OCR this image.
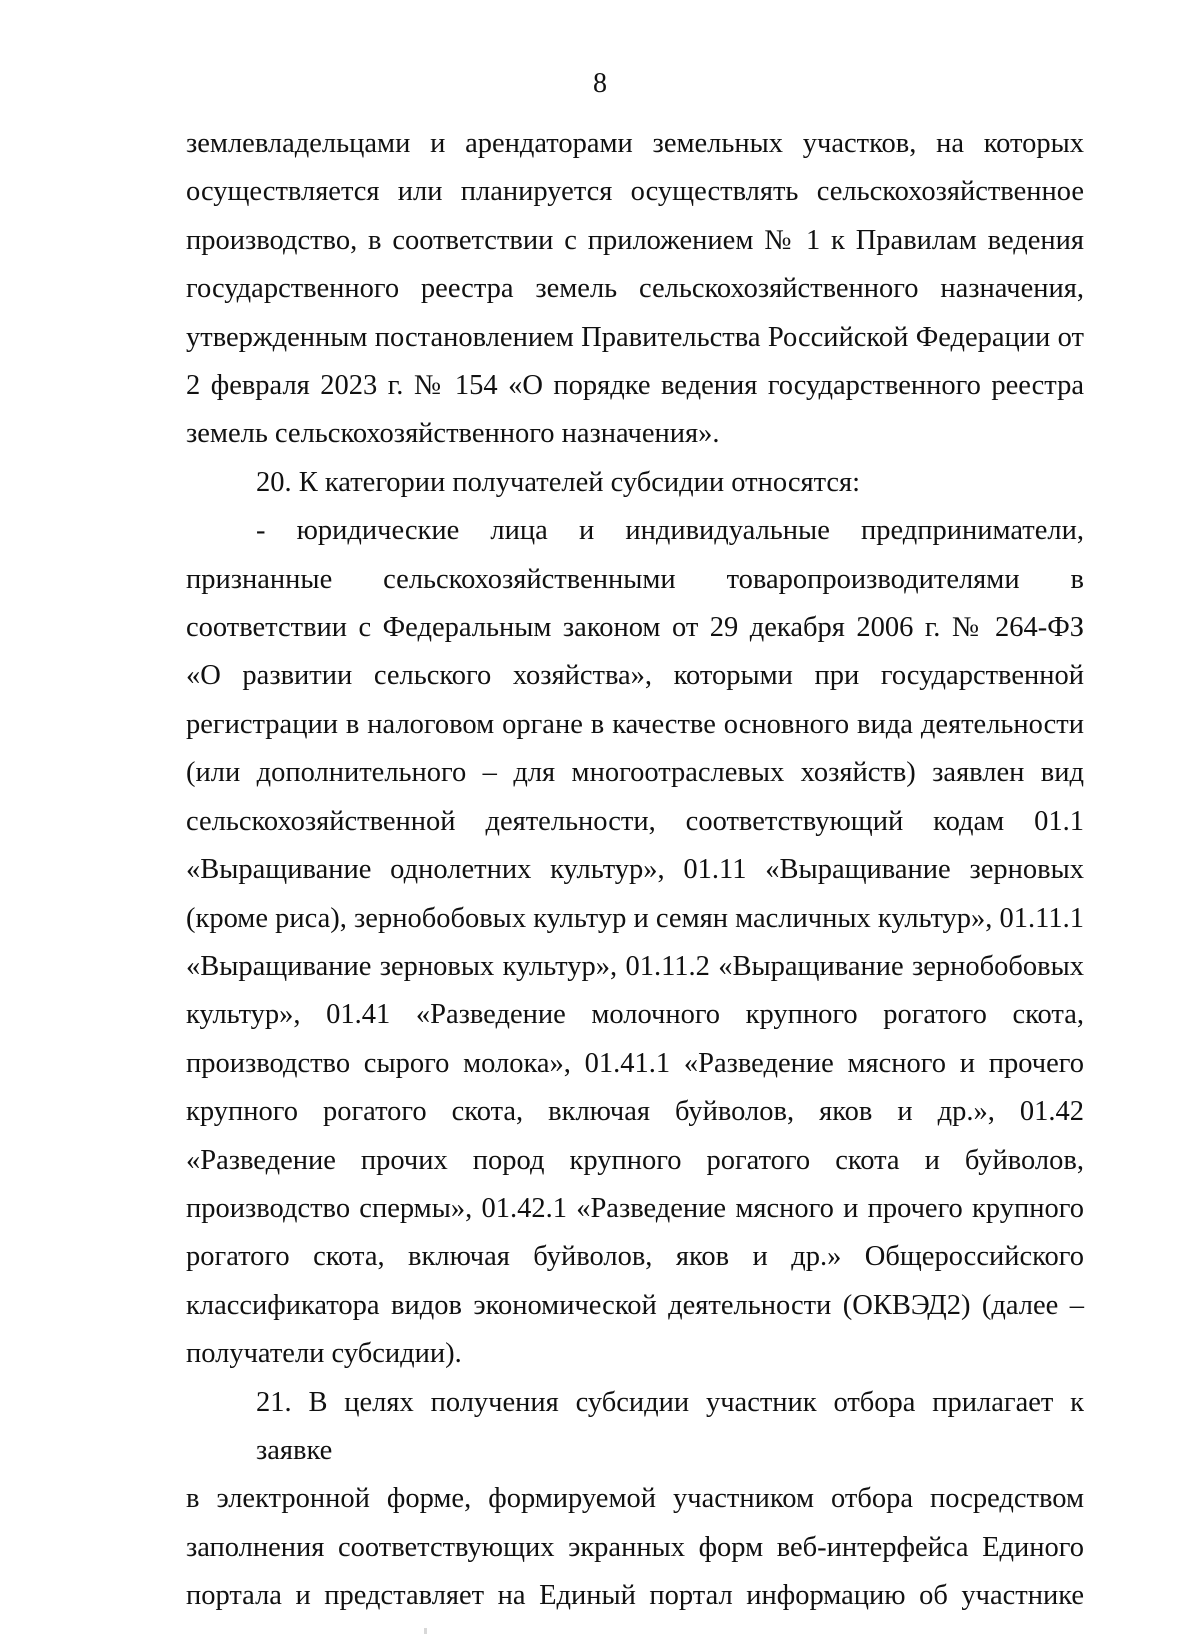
8
землевладельцами и арендаторами земельных участков, на которых
осуществляется или планируется осуществлять сельскохозяйственное
производство, в соответствии с приложением № 1 к Правилам ведения
государственного реестра земель сельскохозяйственного назначения,
утвержденным постановлением Правительства Российской Федерации от
2 февраля 2023 г. № 154 «О порядке ведения государственного реестра
земель сельскохозяйственного назначения».
20. К категории получателей субсидии относятся:
- юридические лица и индивидуальные предприниматели,
признанные сельскохозяйственными товаропроизводителями в
соответствии с Федеральным законом от 29 декабря 2006 г. № 264-ФЗ
«О развитии сельского хозяйства», которыми при государственной
регистрации в налоговом органе в качестве основного вида деятельности
(или дополнительного – для многоотраслевых хозяйств) заявлен вид
сельскохозяйственной деятельности, соответствующий кодам 01.1
«Выращивание однолетних культур», 01.11 «Выращивание зерновых
(кроме риса), зернобобовых культур и семян масличных культур», 01.11.1
«Выращивание зерновых культур», 01.11.2 «Выращивание зернобобовых
культур», 01.41 «Разведение молочного крупного рогатого скота,
производство сырого молока», 01.41.1 «Разведение мясного и прочего
крупного рогатого скота, включая буйволов, яков и др.», 01.42
«Разведение прочих пород крупного рогатого скота и буйволов,
производство спермы», 01.42.1 «Разведение мясного и прочего крупного
рогатого скота, включая буйволов, яков и др.» Общероссийского
классификатора видов экономической деятельности (ОКВЭД2) (далее –
получатели субсидии).
21. В целях получения субсидии участник отбора прилагает к заявке
в электронной форме, формируемой участником отбора посредством
заполнения соответствующих экранных форм веб-интерфейса Единого
портала и представляет на Единый портал информацию об участнике
